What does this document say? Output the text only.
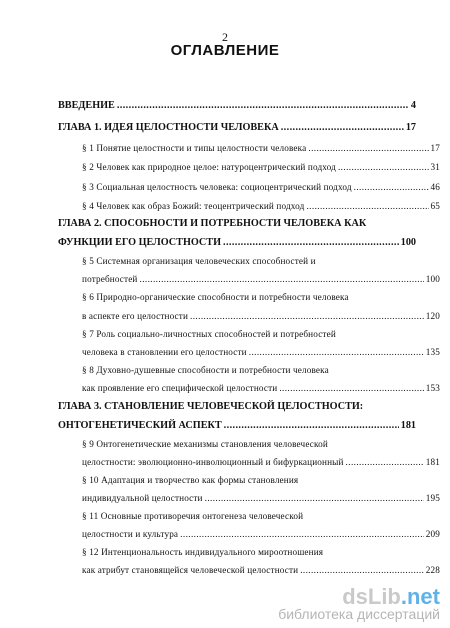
2
ОГЛАВЛЕНИЕ
ВВЕДЕНИЕ .....	4
ГЛАВА 1. ИДЕЯ ЦЕЛОСТНОСТИ ЧЕЛОВЕКА .....	17
§ 1 Понятие целостности и типы целостности человека .....	17
§ 2 Человек как природное целое: натуроцентрический подход .....	31
§ 3 Социальная целостность человека: социоцентрический подход .....	46
§ 4 Человек как образ Божий: теоцентрический подход .....	65
ГЛАВА 2. СПОСОБНОСТИ И ПОТРЕБНОСТИ ЧЕЛОВЕКА КАК
ФУНКЦИИ ЕГО ЦЕЛОСТНОСТИ .....	100
§ 5 Системная организация человеческих способностей и
потребностей .....	100
§ 6 Природно-органические способности и потребности человека
в аспекте его целостности .....	120
§ 7 Роль социально-личностных способностей и потребностей
человека в становлении его целостности .....	135
§ 8 Духовно-душевные способности и потребности человека
как проявление его специфической целостности .....	153
ГЛАВА 3. СТАНОВЛЕНИЕ ЧЕЛОВЕЧЕСКОЙ ЦЕЛОСТНОСТИ:
ОНТОГЕНЕТИЧЕСКИЙ АСПЕКТ .....	181
§ 9 Онтогенетические механизмы становления человеческой
целостности: эволюционно-инволюционный и бифуркационный .....	181
§ 10 Адаптация и творчество как формы становления
индивидуальной целостности .....	195
§ 11 Основные противоречия онтогенеза человеческой
целостности и культура .....	209
§ 12 Интенциональность индивидуального мироотношения
как атрибут становящейся человеческой целостности .....	228
dsLib.net
библиотека диссертаций
